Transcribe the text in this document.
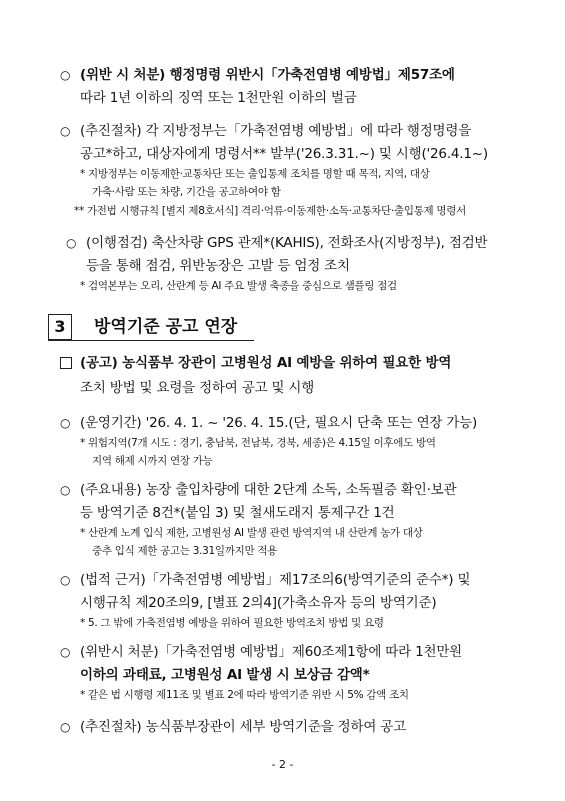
○ (위반 시 처분) 행정명령 위반시「가축전염병 예방법」제57조에
따라 1년 이하의 징역 또는 1천만원 이하의 벌금
○ (추진절차) 각 지방정부는「가축전염병 예방법」에 따라 행정명령을
공고*하고, 대상자에게 명령서** 발부('26.3.31.~) 및 시행('26.4.1~)
* 지방정부는 이동제한·교통차단 또는 출입통제 조치를 명할 때 목적, 지역, 대상
가축·사람 또는 차량, 기간을 공고하여야 함
** 가전법 시행규칙 [별지 제8호서식] 격리·억류·이동제한·소독·교통차단·출입통제 명령서
○ (이행점검) 축산차량 GPS 관제*(KAHIS), 전화조사(지방정부), 점검반
등을 통해 점검, 위반농장은 고발 등 엄정 조치
* 검역본부는 오리, 산란계 등 AI 주요 발생 축종을 중심으로 샘플링 점검
3	방역기준 공고 연장
(공고) 농식품부 장관이 고병원성 AI 예방을 위하여 필요한 방역
조치 방법 및 요령을 정하여 공고 및 시행
○ (운영기간) '26. 4. 1. ~ '26. 4. 15.(단, 필요시 단축 또는 연장 가능)
* 위험지역(7개 시도 : 경기, 충남북, 전남북, 경북, 세종)은 4.15일 이후에도 방역
지역 해제 시까지 연장 가능
○ (주요내용) 농장 출입차량에 대한 2단계 소독, 소독필증 확인·보관
등 방역기준 8건*(붙임 3) 및 철새도래지 통제구간 1건
* 산란계 노계 입식 제한, 고병원성 AI 발생 관련 방역지역 내 산란계 농가 대상
중추 입식 제한 공고는 3.31일까지만 적용
○ (법적 근거)「가축전염병 예방법」제17조의6(방역기준의 준수*) 및
시행규칙 제20조의9, [별표 2의4](가축소유자 등의 방역기준)
* 5. 그 밖에 가축전염병 예방을 위하여 필요한 방역조치 방법 및 요령
○ (위반시 처분)「가축전염병 예방법」제60조제1항에 따라 1천만원
이하의 과태료, 고병원성 AI 발생 시 보상금 감액*
* 같은 법 시행령 제11조 및 별표 2에 따라 방역기준 위반 시 5% 감액 조치
○ (추진절차) 농식품부장관이 세부 방역기준을 정하여 공고
- 2 -
